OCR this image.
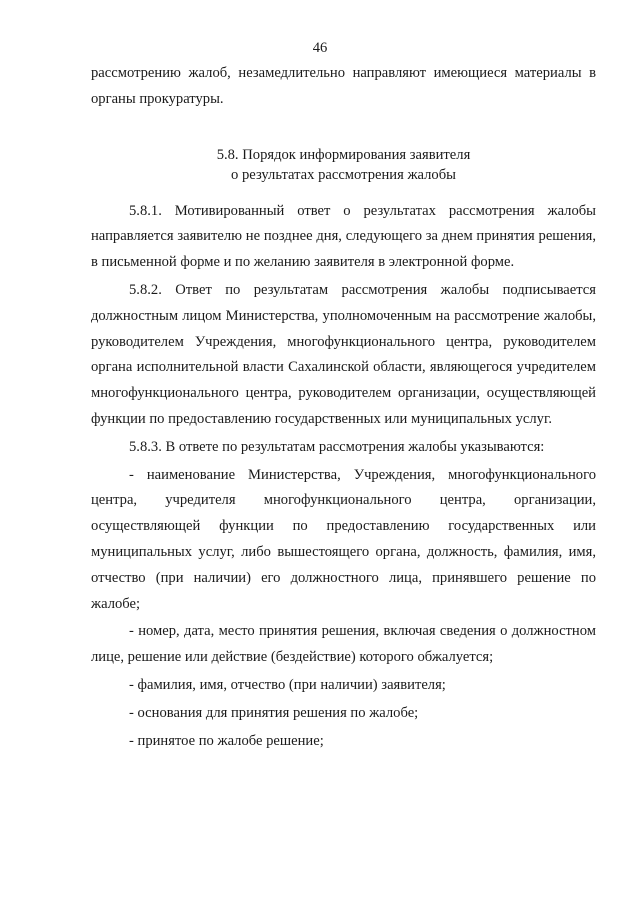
46

рассмотрению жалоб, незамедлительно направляют имеющиеся материалы в органы прокуратуры.

5.8. Порядок информирования заявителя
о результатах рассмотрения жалобы

5.8.1. Мотивированный ответ о результатах рассмотрения жалобы направляется заявителю не позднее дня, следующего за днем принятия решения, в письменной форме и по желанию заявителя в электронной форме.

5.8.2. Ответ по результатам рассмотрения жалобы подписывается должностным лицом Министерства, уполномоченным на рассмотрение жалобы, руководителем Учреждения, многофункционального центра, руководителем органа исполнительной власти Сахалинской области, являющегося учредителем многофункционального центра, руководителем организации, осуществляющей функции по предоставлению государственных или муниципальных услуг.

5.8.3. В ответе по результатам рассмотрения жалобы указываются:

- наименование Министерства, Учреждения, многофункционального центра, учредителя многофункционального центра, организации, осуществляющей функции по предоставлению государственных или муниципальных услуг, либо вышестоящего органа, должность, фамилия, имя, отчество (при наличии) его должностного лица, принявшего решение по жалобе;

- номер, дата, место принятия решения, включая сведения о должностном лице, решение или действие (бездействие) которого обжалуется;

- фамилия, имя, отчество (при наличии) заявителя;

- основания для принятия решения по жалобе;

- принятое по жалобе решение;
